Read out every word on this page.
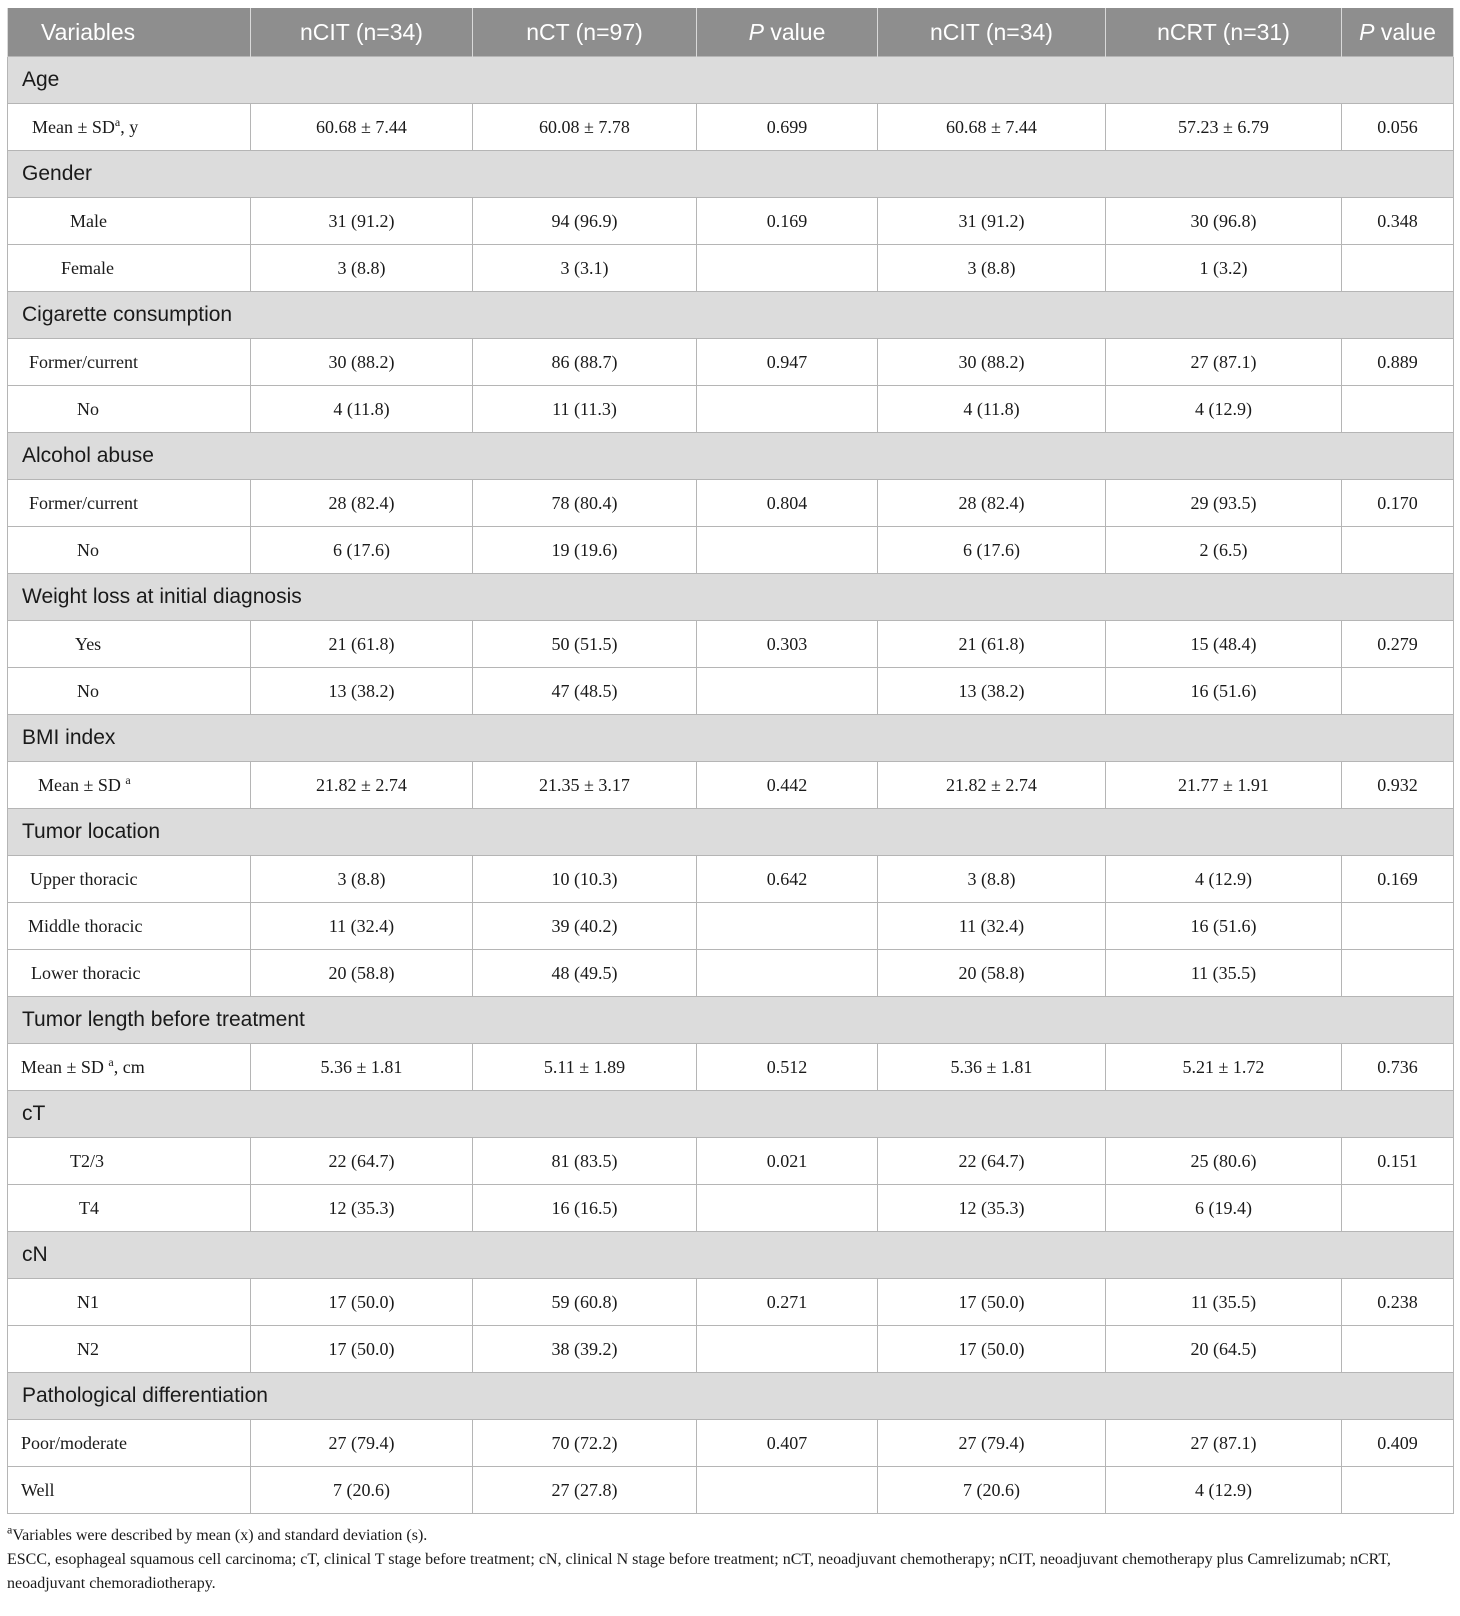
Variables	nCIT (n=34)	nCT (n=97)	P value	nCIT (n=34)	nCRT (n=31)	P value
Age						
Mean ± $SD^a$, y	60.68 ± 7.44	60.08 ± 7.78	0.699	60.68 ± 7.44	57.23 ± 6.79	0.056
Gender						
Male	31 (91.2)	94 (96.9)	0.169	31 (91.2)	30 (96.8)	0.348
Female	3 (8.8)	3 (3.1)		3 (8.8)	1 (3.2)	
Cigarette consumption						
Former/current	30 (88.2)	86 (88.7)	0.947	30 (88.2)	27 (87.1)	0.889
No	4 (11.8)	11 (11.3)		4 (11.8)	4 (12.9)	
Alcohol abuse						
Former/current	28 (82.4)	78 (80.4)	0.804	28 (82.4)	29 (93.5)	0.170
No	6 (17.6)	19 (19.6)		6 (17.6)	2 (6.5)	
Weight loss at initial diagnosis						
Yes	21 (61.8)	50 (51.5)	0.303	21 (61.8)	15 (48.4)	0.279
No	13 (38.2)	47 (48.5)		13 (38.2)	16 (51.6)	
BMI index						
Mean ± SD $^a$	21.82 ± 2.74	21.35 ± 3.17	0.442	21.82 ± 2.74	21.77 ± 1.91	0.932
Tumor location						
Upper thoracic	3 (8.8)	10 (10.3)	0.642	3 (8.8)	4 (12.9)	0.169
Middle thoracic	11 (32.4)	39 (40.2)		11 (32.4)	16 (51.6)	
Lower thoracic	20 (58.8)	48 (49.5)		20 (58.8)	11 (35.5)	
Tumor length before treatment						
Mean ± SD $^a$, cm	5.36 ± 1.81	5.11 ± 1.89	0.512	5.36 ± 1.81	5.21 ± 1.72	0.736
cT						
T2/3	22 (64.7)	81 (83.5)	0.021	22 (64.7)	25 (80.6)	0.151
T4	12 (35.3)	16 (16.5)		12 (35.3)	6 (19.4)	
cN						
N1	17 (50.0)	59 (60.8)	0.271	17 (50.0)	11 (35.5)	0.238
N2	17 (50.0)	38 (39.2)		17 (50.0)	20 (64.5)	
Pathological differentiation						
Poor/moderate	27 (79.4)	70 (72.2)	0.407	27 (79.4)	27 (87.1)	0.409
Well	7 (20.6)	27 (27.8)		7 (20.6)	4 (12.9)	

$^a$Variables were described by mean (x) and standard deviation (s).

ESCC, esophageal squamous cell carcinoma; cT, clinical T stage before treatment; cN, clinical N stage before treatment; nCT, neoadjuvant chemotherapy; nCIT, neoadjuvant chemotherapy plus Camrelizumab; nCRT, neoadjuvant chemoradiotherapy.
